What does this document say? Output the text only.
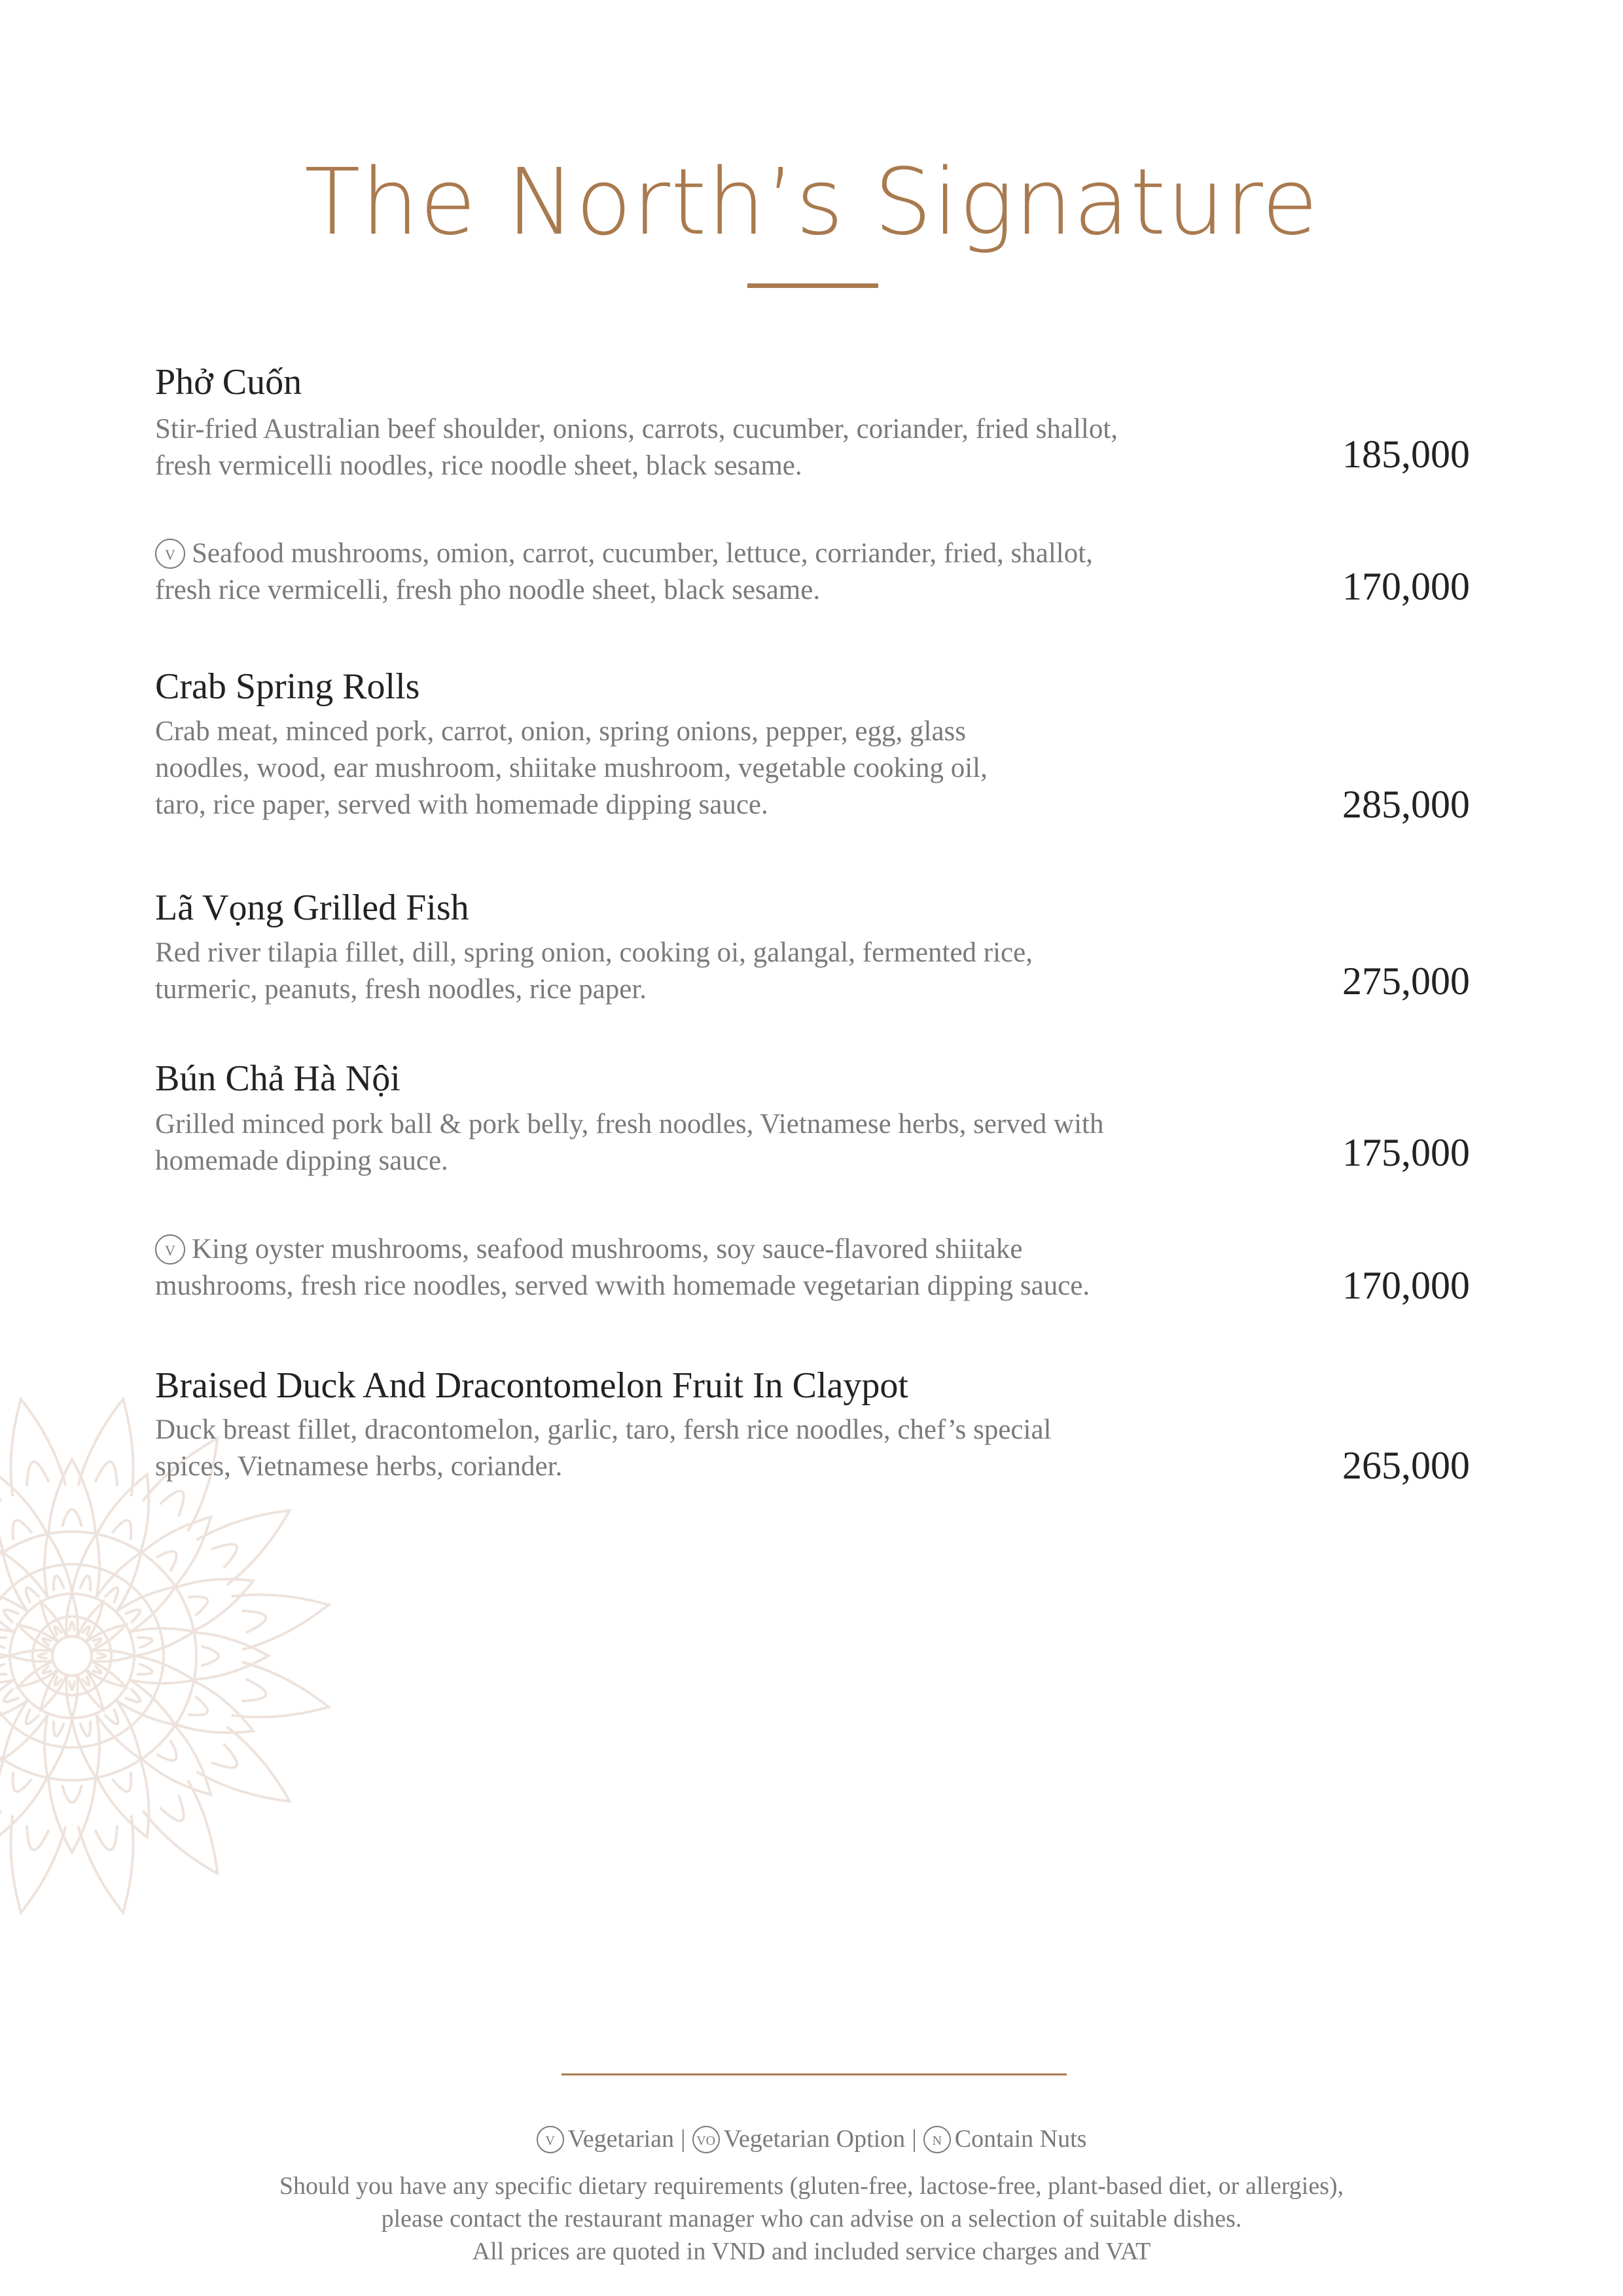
The North’s Signature
Phở Cuốn
Stir-fried Australian beef shoulder, onions, carrots, cucumber, coriander, fried shallot,
fresh vermicelli noodles, rice noodle sheet, black sesame.	185,000
V Seafood mushrooms, omion, carrot, cucumber, lettuce, corriander, fried, shallot,
fresh rice vermicelli, fresh pho noodle sheet, black sesame.	170,000
Crab Spring Rolls
Crab meat, minced pork, carrot, onion, spring onions, pepper, egg, glass
noodles, wood, ear mushroom, shiitake mushroom, vegetable cooking oil,
taro, rice paper, served with homemade dipping sauce.	285,000
Lã Vọng Grilled Fish
Red river tilapia fillet, dill, spring onion, cooking oi, galangal, fermented rice,
turmeric, peanuts, fresh noodles, rice paper.	275,000
Bún Chả Hà Nội
Grilled minced pork ball & pork belly, fresh noodles, Vietnamese herbs, served with
homemade dipping sauce.	175,000
V King oyster mushrooms, seafood mushrooms, soy sauce-flavored shiitake
mushrooms, fresh rice noodles, served wwith homemade vegetarian dipping sauce.	170,000
Braised Duck And Dracontomelon Fruit In Claypot
Duck breast fillet, dracontomelon, garlic, taro, fersh rice noodles, chef’s special
spices, Vietnamese herbs, coriander.	265,000
V Vegetarian | VO Vegetarian Option | N Contain Nuts
Should you have any specific dietary requirements (gluten-free, lactose-free, plant-based diet, or allergies),
please contact the restaurant manager who can advise on a selection of suitable dishes.
All prices are quoted in VND and included service charges and VAT
